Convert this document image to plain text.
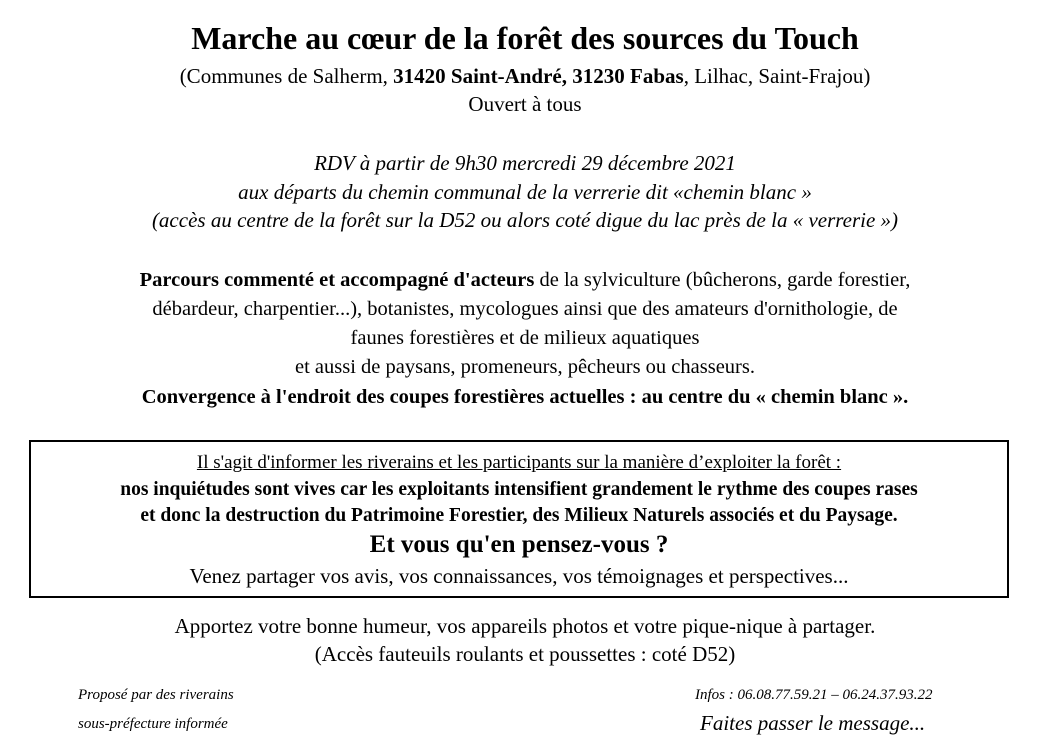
Marche au cœur de la forêt des sources du Touch
(Communes de Salherm, 31420 Saint-André, 31230 Fabas, Lilhac, Saint-Frajou)
Ouvert à tous
RDV à partir de 9h30 mercredi 29 décembre 2021
aux départs du chemin communal de la verrerie dit «chemin blanc »
(accès au centre de la forêt sur la D52 ou alors coté digue du lac près de la « verrerie »)
Parcours commenté et accompagné d'acteurs de la sylviculture (bûcherons, garde forestier,
débardeur, charpentier...), botanistes, mycologues ainsi que des amateurs d'ornithologie, de
faunes forestières et de milieux aquatiques
et aussi de paysans, promeneurs, pêcheurs ou chasseurs.
Convergence à l'endroit des coupes forestières actuelles : au centre du « chemin blanc ».
Il s'agit d'informer les riverains et les participants sur la manière d’exploiter la forêt :
nos inquiétudes sont vives car les exploitants intensifient grandement le rythme des coupes rases
et donc la destruction du Patrimoine Forestier, des Milieux Naturels associés et du Paysage.
Et vous qu'en pensez-vous ?
Venez partager vos avis, vos connaissances, vos témoignages et perspectives...
Apportez votre bonne humeur, vos appareils photos et votre pique-nique à partager.
(Accès fauteuils roulants et poussettes : coté D52)
Proposé par des riverains
sous-préfecture informée
Infos : 06.08.77.59.21 – 06.24.37.93.22
Faites passer le message...
